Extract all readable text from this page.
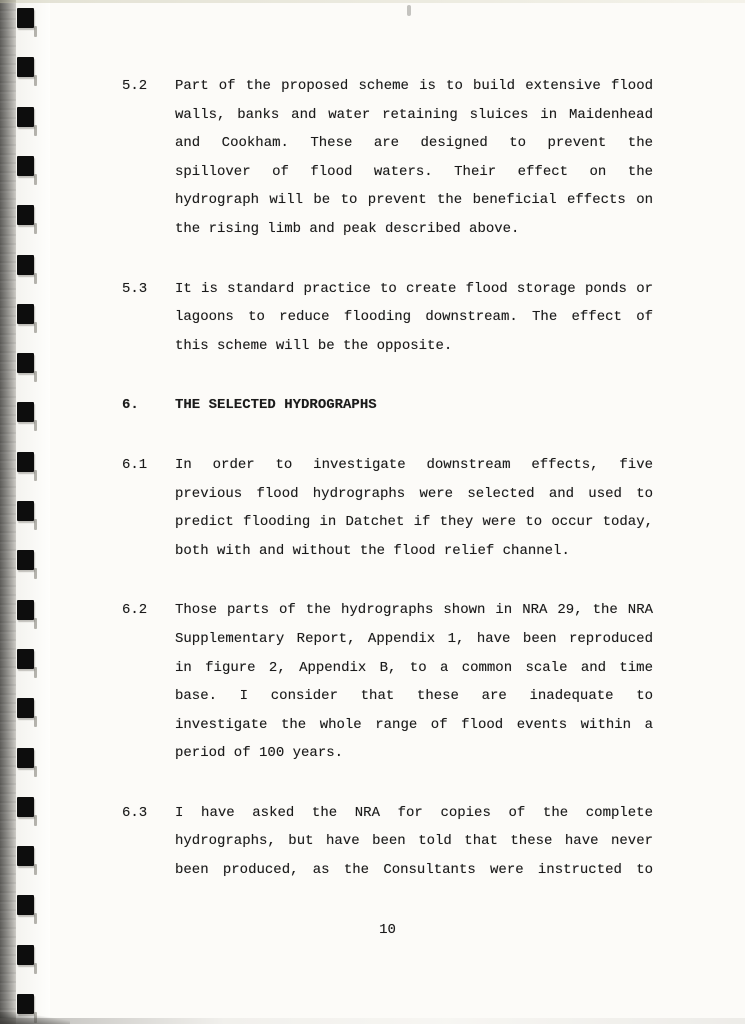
5.2	Part of the proposed scheme is to build extensive flood
walls, banks and water retaining sluices in Maidenhead
and Cookham. These are designed to prevent the
spillover of flood waters. Their effect on the
hydrograph will be to prevent the beneficial effects on
the rising limb and peak described above.
5.3	It is standard practice to create flood storage ponds or
lagoons to reduce flooding downstream. The effect of
this scheme will be the opposite.
6.	THE SELECTED HYDROGRAPHS
6.1	In order to investigate downstream effects, five
previous flood hydrographs were selected and used to
predict flooding in Datchet if they were to occur today,
both with and without the flood relief channel.
6.2	Those parts of the hydrographs shown in NRA 29, the NRA
Supplementary Report, Appendix 1, have been reproduced
in figure 2, Appendix B, to a common scale and time
base. I consider that these are inadequate to
investigate the whole range of flood events within a
period of 100 years.
6.3	I have asked the NRA for copies of the complete
hydrographs, but have been told that these have never
been produced, as the Consultants were instructed to
10
